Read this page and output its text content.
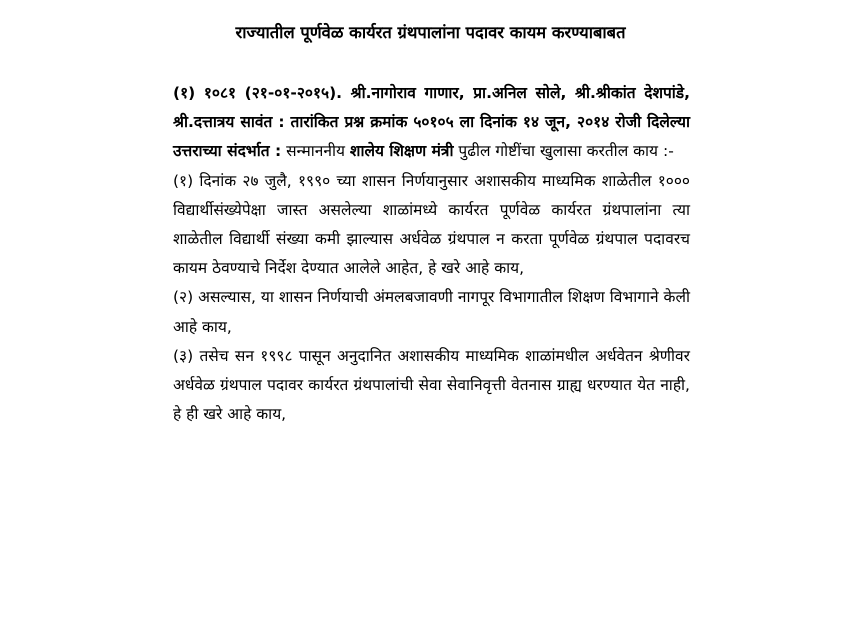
राज्यातील पूर्णवेळ कार्यरत ग्रंथपालांना पदावर कायम करण्याबाबत

(१) १०८१ (२१-०१-२०१५). श्री.नागोराव गाणार, प्रा.अनिल सोले, श्री.श्रीकांत देशपांडे, श्री.दत्तात्रय सावंत : तारांकित प्रश्न क्रमांक ५०१०५ ला दिनांक १४ जून, २०१४ रोजी दिलेल्या उत्तराच्या संदर्भात : सन्माननीय शालेय शिक्षण मंत्री पुढील गोष्टींचा खुलासा करतील काय :-

(१) दिनांक २७ जुलै, १९९० च्या शासन निर्णयानुसार अशासकीय माध्यमिक शाळेतील १००० विद्यार्थीसंख्येपेक्षा जास्त असलेल्या शाळांमध्ये कार्यरत पूर्णवेळ कार्यरत ग्रंथपालांना त्या शाळेतील विद्यार्थी संख्या कमी झाल्यास अर्धवेळ ग्रंथपाल न करता पूर्णवेळ ग्रंथपाल पदावरच कायम ठेवण्याचे निर्देश देण्यात आलेले आहेत, हे खरे आहे काय,

(२) असल्यास, या शासन निर्णयाची अंमलबजावणी नागपूर विभागातील शिक्षण विभागाने केली आहे काय,

(३) तसेच सन १९९८ पासून अनुदानित अशासकीय माध्यमिक शाळांमधील अर्धवेतन श्रेणीवर अर्धवेळ ग्रंथपाल पदावर कार्यरत ग्रंथपालांची सेवा सेवानिवृत्ती वेतनास ग्राह्य धरण्यात येत नाही, हे ही खरे आहे काय,
